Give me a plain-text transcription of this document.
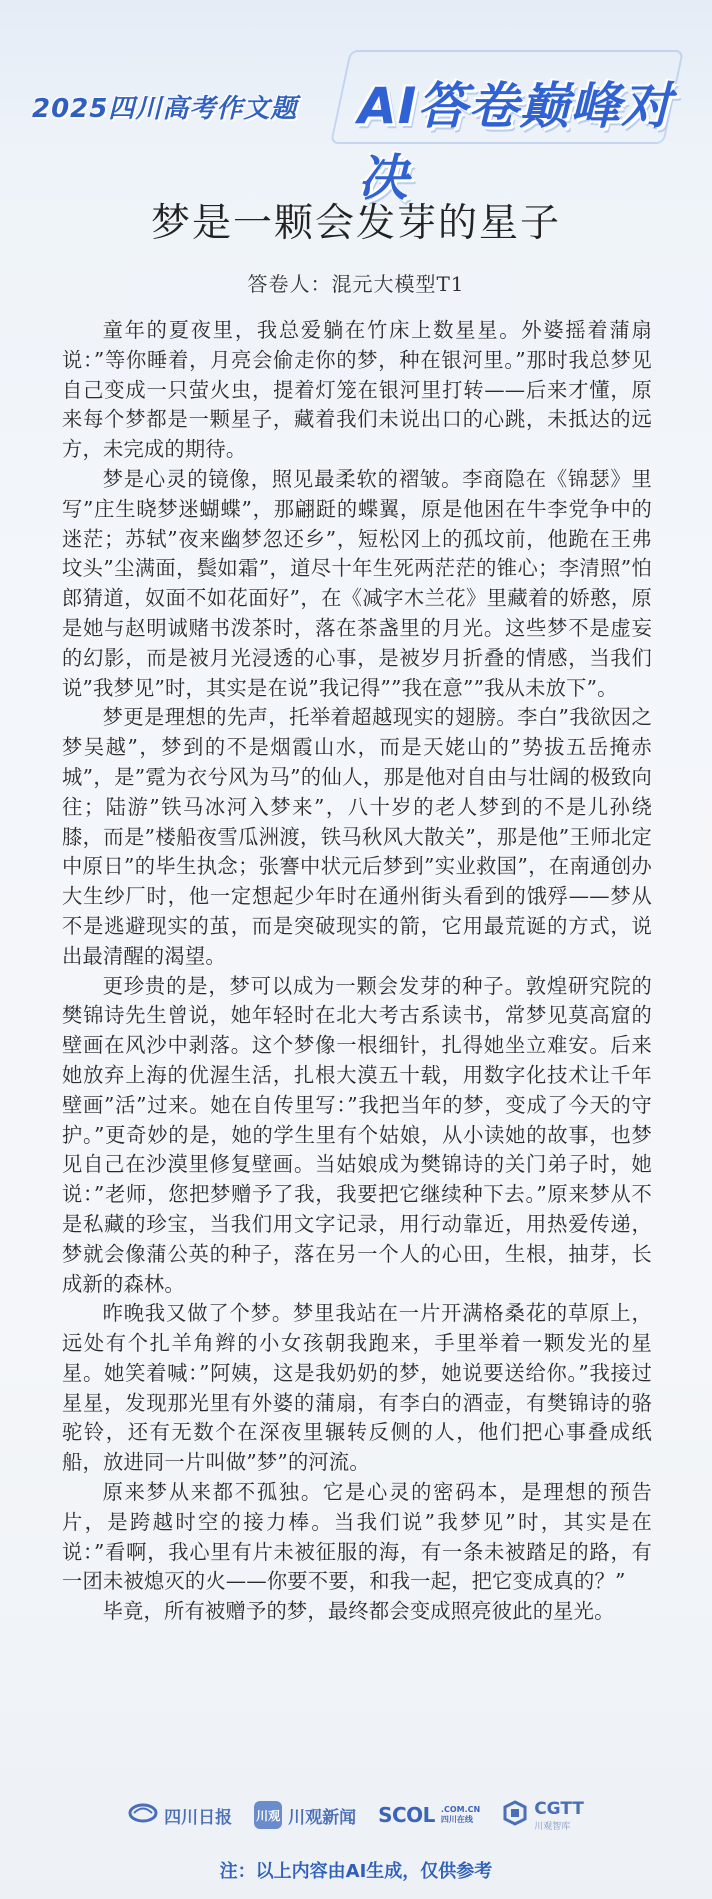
2025四川高考作文题 AI答卷巅峰对决
梦是一颗会发芽的星子
答卷人：混元大模型T1

童年的夏夜里，我总爱躺在竹床上数星星。外婆摇着蒲扇说：”等你睡着，月亮会偷走你的梦，种在银河里。”那时我总梦见自己变成一只萤火虫，提着灯笼在银河里打转——后来才懂，原来每个梦都是一颗星子，藏着我们未说出口的心跳，未抵达的远方，未完成的期待。

梦是心灵的镜像，照见最柔软的褶皱。李商隐在《锦瑟》里写”庄生晓梦迷蝴蝶”，那翩跹的蝶翼，原是他困在牛李党争中的迷茫；苏轼”夜来幽梦忽还乡”，短松冈上的孤坟前，他跪在王弗坟头”尘满面，鬓如霜”，道尽十年生死两茫茫的锥心；李清照”怕郎猜道，奴面不如花面好”，在《减字木兰花》里藏着的娇憨，原是她与赵明诚赌书泼茶时，落在茶盏里的月光。这些梦不是虚妄的幻影，而是被月光浸透的心事，是被岁月折叠的情感，当我们说”我梦见”时，其实是在说”我记得””我在意””我从未放下”。

梦更是理想的先声，托举着超越现实的翅膀。李白”我欲因之梦吴越”，梦到的不是烟霞山水，而是天姥山的”势拔五岳掩赤城”，是”霓为衣兮风为马”的仙人，那是他对自由与壮阔的极致向往；陆游”铁马冰河入梦来”，八十岁的老人梦到的不是儿孙绕膝，而是”楼船夜雪瓜洲渡，铁马秋风大散关”，那是他”王师北定中原日”的毕生执念；张謇中状元后梦到”实业救国”，在南通创办大生纱厂时，他一定想起少年时在通州街头看到的饿殍——梦从不是逃避现实的茧，而是突破现实的箭，它用最荒诞的方式，说出最清醒的渴望。

更珍贵的是，梦可以成为一颗会发芽的种子。敦煌研究院的樊锦诗先生曾说，她年轻时在北大考古系读书，常梦见莫高窟的壁画在风沙中剥落。这个梦像一根细针，扎得她坐立难安。后来她放弃上海的优渥生活，扎根大漠五十载，用数字化技术让千年壁画”活”过来。她在自传里写：”我把当年的梦，变成了今天的守护。”更奇妙的是，她的学生里有个姑娘，从小读她的故事，也梦见自己在沙漠里修复壁画。当姑娘成为樊锦诗的关门弟子时，她说：”老师，您把梦赠予了我，我要把它继续种下去。”原来梦从不是私藏的珍宝，当我们用文字记录，用行动靠近，用热爱传递，梦就会像蒲公英的种子，落在另一个人的心田，生根，抽芽，长成新的森林。

昨晚我又做了个梦。梦里我站在一片开满格桑花的草原上，远处有个扎羊角辫的小女孩朝我跑来，手里举着一颗发光的星星。她笑着喊：”阿姨，这是我奶奶的梦，她说要送给你。”我接过星星，发现那光里有外婆的蒲扇，有李白的酒壶，有樊锦诗的骆驼铃，还有无数个在深夜里辗转反侧的人，他们把心事叠成纸船，放进同一片叫做”梦”的河流。

原来梦从来都不孤独。它是心灵的密码本，是理想的预告片，是跨越时空的接力棒。当我们说”我梦见”时，其实是在说：”看啊，我心里有片未被征服的海，有一条未被踏足的路，有一团未被熄灭的火——你要不要，和我一起，把它变成真的？”

毕竟，所有被赠予的梦，最终都会变成照亮彼此的星光。

四川日报 川观 川观新闻 SCOL .COM.CN
四川在线
CGTT
川观智库
注：以上内容由AI生成，仅供参考
